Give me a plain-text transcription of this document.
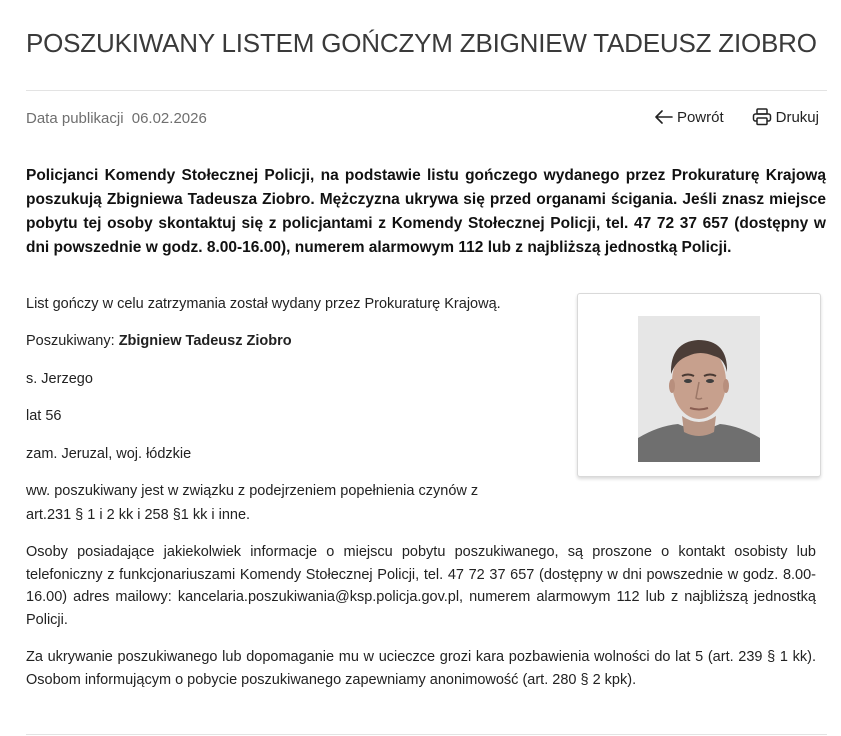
POSZUKIWANY LISTEM GOŃCZYM ZBIGNIEW TADEUSZ ZIOBRO
Data publikacji 06.02.2026	Powrót	Drukuj

Policjanci Komendy Stołecznej Policji, na podstawie listu gończego wydanego przez Prokuraturę Krajową poszukują Zbigniewa Tadeusza Ziobro. Mężczyzna ukrywa się przed organami ścigania. Jeśli znasz miejsce pobytu tej osoby skontaktuj się z policjantami z Komendy Stołecznej Policji, tel. 47 72 37 657 (dostępny w dni powszednie w godz. 8.00-16.00), numerem alarmowym 112 lub z najbliższą jednostką Policji.

List gończy w celu zatrzymania został wydany przez Prokuraturę Krajową.

Poszukiwany: Zbigniew Tadeusz Ziobro

s. Jerzego

lat 56

zam. Jeruzal, woj. łódzkie

ww. poszukiwany jest w związku z podejrzeniem popełnienia czynów z

art.231 § 1 i 2 kk i 258 §1 kk i inne.

Osoby posiadające jakiekolwiek informacje o miejscu pobytu poszukiwanego, są proszone o kontakt osobisty lub telefoniczny z funkcjonariuszami Komendy Stołecznej Policji, tel. 47 72 37 657 (dostępny w dni powszednie w godz. 8.00-16.00) adres mailowy: kancelaria.poszukiwania@ksp.policja.gov.pl, numerem alarmowym 112 lub z najbliższą jednostką Policji.

Za ukrywanie poszukiwanego lub dopomaganie mu w ucieczce grozi kara pozbawienia wolności do lat 5 (art. 239 § 1 kk). Osobom informującym o pobycie poszukiwanego zapewniamy anonimowość (art. 280 § 2 kpk).
